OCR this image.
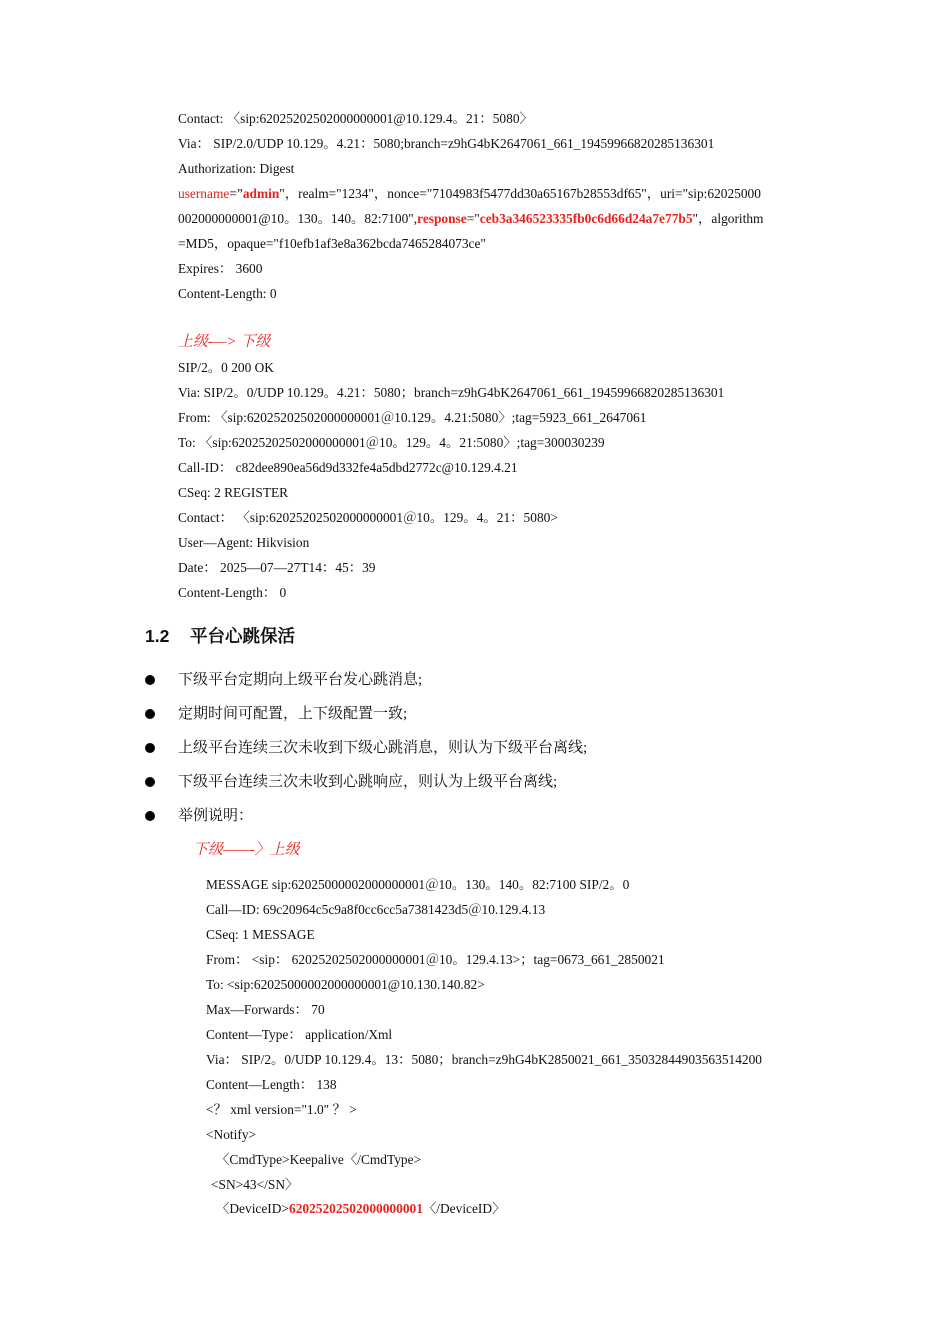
Contact: 〈sip:62025202502000000001@10.129.4。21：5080〉
Via： SIP/2.0/UDP 10.129。4.21：5080;branch=z9hG4bK2647061_661_1945996682028513​6301
Authorization: Digest
username=”admin"，realm="1234"，nonce="7104983f5477dd30a65167b28553df65"，uri="sip:62025000
002000000001@10。130。140。82:7100",response="ceb3a346523335fb0c6d66d24a7e77b5"，algorithm
=MD5，opaque="f10efb1af3e8a362bcda7465284073ce"
Expires： 3600
Content-Length: 0
上级-—> 下级
SIP/2。0 200 OK
Via: SIP/2。0/UDP 10.129。4.21：5080；branch=z9hG4bK2647061_661_19459966820285136301
From: 〈sip:62025202502000000001＠10.129。4.21:5080〉;tag=5923_661_2647061
To: 〈sip:62025202502000000001＠10。129。4。21:5080〉;tag=300030239
Call-ID： c82dee890ea56d9d332fe4a5dbd2772c@10.129.4.21
CSeq: 2 REGISTER
Contact： 〈sip:62025202502000000001＠10。129。4。21：5080>
User—Agent: Hikvision
Date： 2025—07—27T14：45：39
Content-Length： 0
1.2 平台心跳保活
下级平台定期向上级平台发心跳消息;
定期时间可配置，上下级配置一致;
上级平台连续三次未收到下级心跳消息，则认为下级平台离线;
下级平台连续三次未收到心跳响应，则认为上级平台离线;
举例说明：
下级——-〉上级
MESSAGE sip:62025000002000000001＠10。130。140。82:7100 SIP/2。0
Call—ID: 69c20964c5c9a8f0cc6cc5a7381423d5＠10.129.4.13
CSeq: 1 MESSAGE
From： <sip： 62025202502000000001＠10。129.4.13>；tag=0673_661_2850021
To: <sip:62025000002000000001@10.130.140.82>
Max—Forwards： 70
Content—Type： application/Xml
Via： SIP/2。0/UDP 10.129.4。13：5080；branch=z9hG4bK2850021_661_35032844903563514200
Content—Length： 138
<？ xml version="1.0" ？ >
<Notify>
〈CmdType>Keepalive〈/CmdType>
<SN>43</SN〉
〈DeviceID>62025202502000000001〈/DeviceID〉
